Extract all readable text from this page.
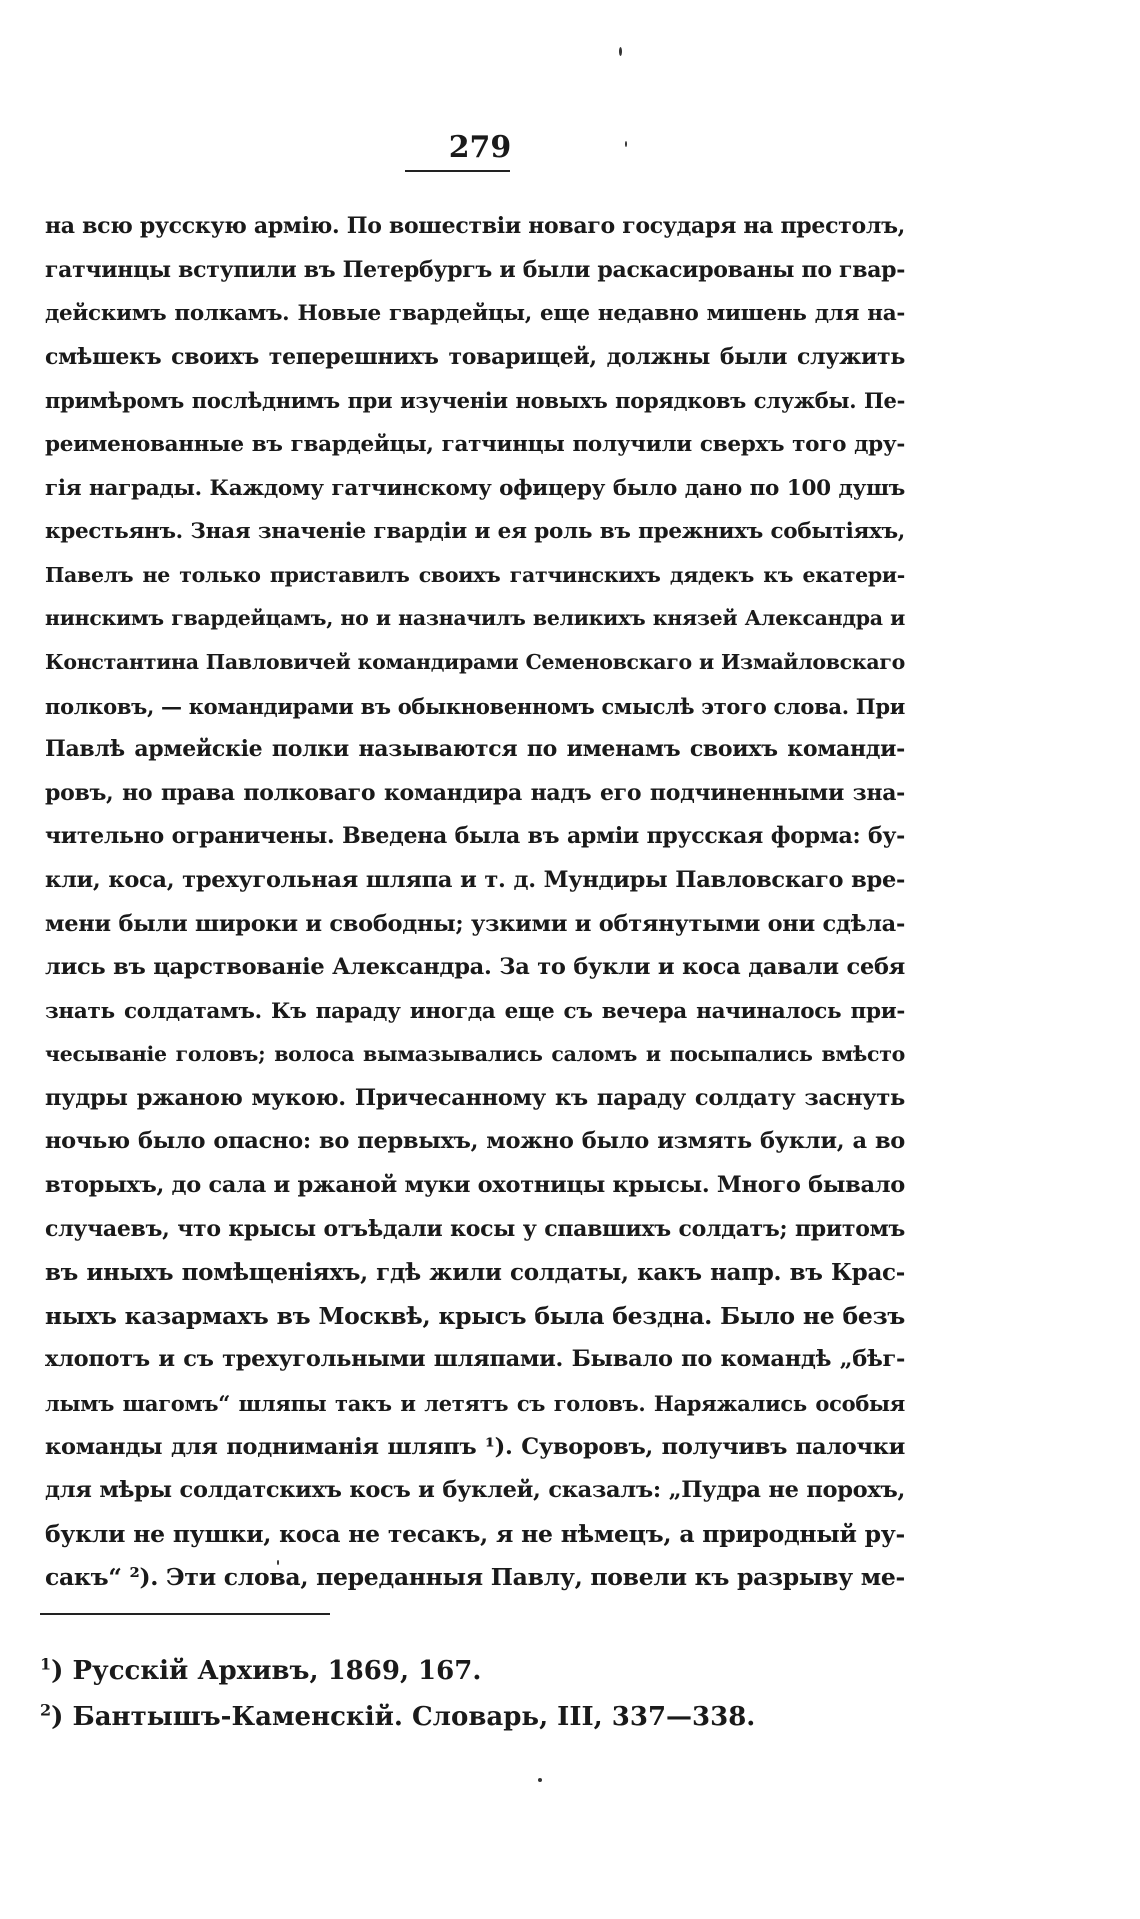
279
на всю русскую армію. По вошествіи новаго государя на престолъ,
гатчинцы вступили въ Петербургъ и были раскасированы по гвар-
дейскимъ полкамъ. Новые гвардейцы, еще недавно мишень для на-
смѣшекъ своихъ теперешнихъ товарищей, должны были служить
примѣромъ послѣднимъ при изученіи новыхъ порядковъ службы. Пе-
реименованные въ гвардейцы, гатчинцы получили сверхъ того дру-
гія награды. Каждому гатчинскому офицеру было дано по 100 душъ
крестьянъ. Зная значеніе гвардіи и ея роль въ прежнихъ событіяхъ,
Павелъ не только приставилъ своихъ гатчинскихъ дядекъ къ екатери-
нинскимъ гвардейцамъ, но и назначилъ великихъ князей Александра и
Константина Павловичей командирами Семеновскаго и Измайловскаго
полковъ, — командирами въ обыкновенномъ смыслѣ этого слова. При
Павлѣ армейскіе полки называются по именамъ своихъ команди-
ровъ, но права полковаго командира надъ его подчиненными зна-
чительно ограничены. Введена была въ арміи прусская форма: бу-
кли, коса, трехугольная шляпа и т. д. Мундиры Павловскаго вре-
мени были широки и свободны; узкими и обтянутыми они сдѣла-
лись въ царствованіе Александра. За то букли и коса давали себя
знать солдатамъ. Къ параду иногда еще съ вечера начиналось при-
чесываніе головъ; волоса вымазывались саломъ и посыпались вмѣсто
пудры ржаною мукою. Причесанному къ параду солдату заснуть
ночью было опасно: во первыхъ, можно было измять букли, а во
вторыхъ, до сала и ржаной муки охотницы крысы. Много бывало
случаевъ, что крысы отъѣдали косы у спавшихъ солдатъ; притомъ
въ иныхъ помѣщеніяхъ, гдѣ жили солдаты, какъ напр. въ Крас-
ныхъ казармахъ въ Москвѣ, крысъ была бездна. Было не безъ
хлопотъ и съ трехугольными шляпами. Бывало по командѣ „бѣг-
лымъ шагомъ“ шляпы такъ и летятъ съ головъ. Наряжались особыя
команды для подниманія шляпъ ¹). Суворовъ, получивъ палочки
для мѣры солдатскихъ косъ и буклей, сказалъ: „Пудра не порохъ,
букли не пушки, коса не тесакъ, я не нѣмецъ, а природный ру-
сакъ“ ²). Эти слова, переданныя Павлу, повели къ разрыву ме-
$^1$) Русскій Архивъ, 1869, 167.
$^2$) Бантышъ-Каменскій. Словарь, III, 337—338.
